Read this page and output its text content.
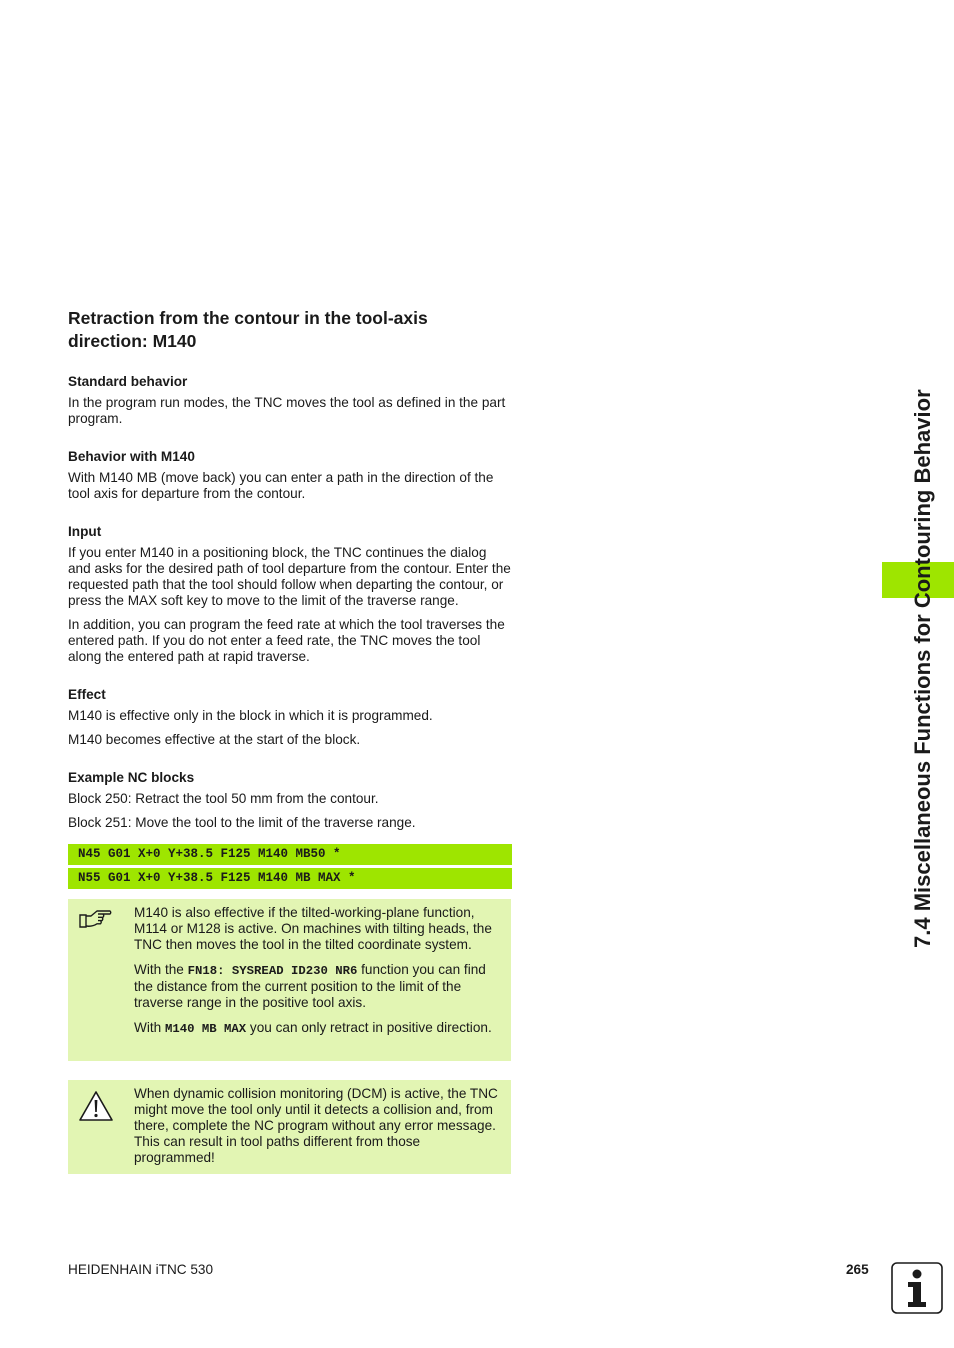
Retraction from the contour in the tool-axis direction: M140
Standard behavior
In the program run modes, the TNC moves the tool as defined in the part program.
Behavior with M140
With M140 MB (move back) you can enter a path in the direction of the tool axis for departure from the contour.
Input
If you enter M140 in a positioning block, the TNC continues the dialog and asks for the desired path of tool departure from the contour. Enter the requested path that the tool should follow when departing the contour, or press the MAX soft key to move to the limit of the traverse range.
In addition, you can program the feed rate at which the tool traverses the entered path. If you do not enter a feed rate, the TNC moves the tool along the entered path at rapid traverse.
Effect
M140 is effective only in the block in which it is programmed.
M140 becomes effective at the start of the block.
Example NC blocks
Block 250: Retract the tool 50 mm from the contour.
Block 251: Move the tool to the limit of the traverse range.
N45 G01 X+0 Y+38.5 F125 M140 MB50 *
N55 G01 X+0 Y+38.5 F125 M140 MB MAX *
M140 is also effective if the tilted-working-plane function, M114 or M128 is active. On machines with tilting heads, the TNC then moves the tool in the tilted coordinate system.
With the FN18: SYSREAD ID230 NR6 function you can find the distance from the current position to the limit of the traverse range in the positive tool axis.
With M140 MB MAX you can only retract in positive direction.
When dynamic collision monitoring (DCM) is active, the TNC might move the tool only until it detects a collision and, from there, complete the NC program without any error message. This can result in tool paths different from those programmed!
7.4 Miscellaneous Functions for Contouring Behavior
HEIDENHAIN iTNC 530	265
